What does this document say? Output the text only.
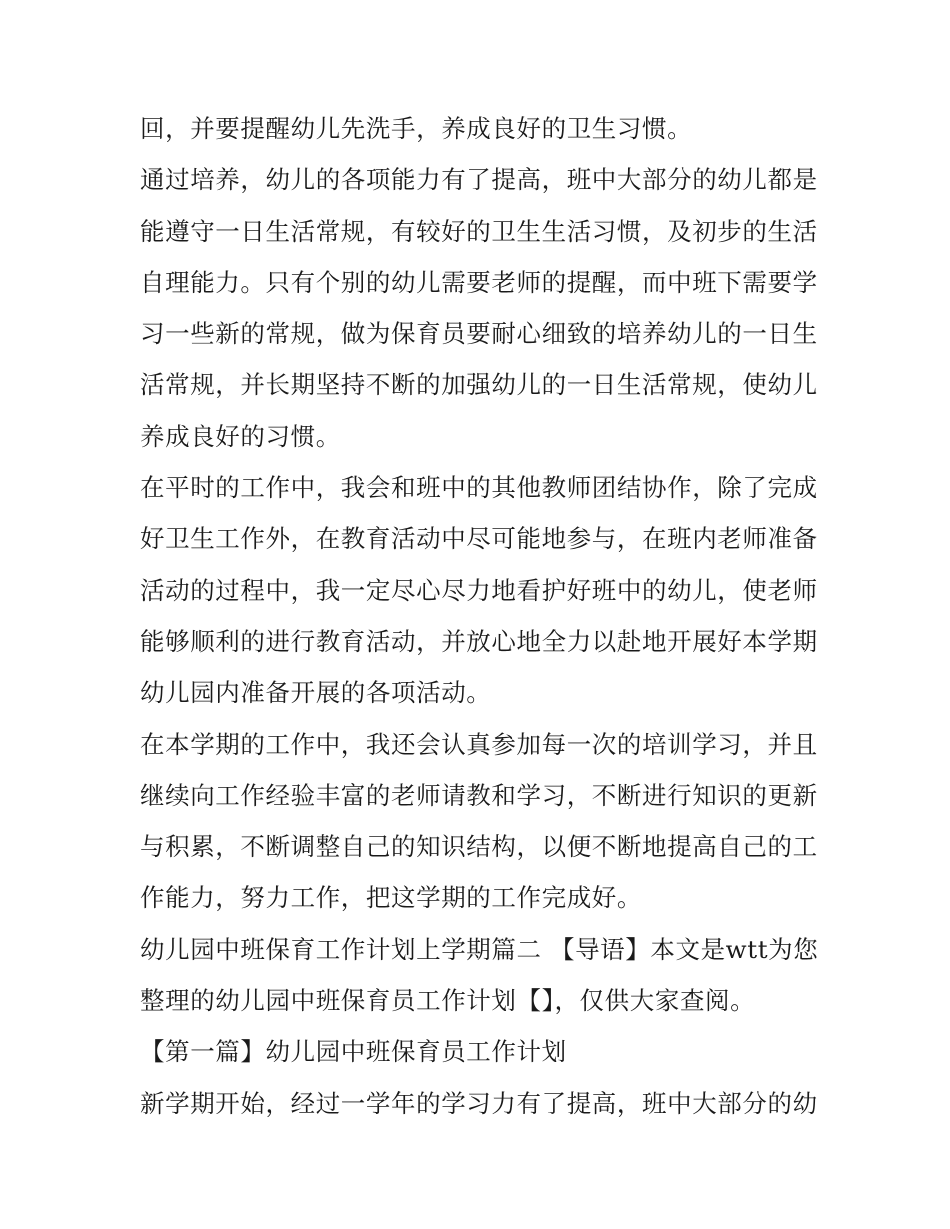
回，并要提醒幼儿先洗手，养成良好的卫生习惯。

通过培养，幼儿的各项能力有了提高，班中大部分的幼儿都是能遵守一日生活常规，有较好的卫生生活习惯，及初步的生活自理能力。只有个别的幼儿需要老师的提醒，而中班下需要学习一些新的常规，做为保育员要耐心细致的培养幼儿的一日生活常规，并长期坚持不断的加强幼儿的一日生活常规，使幼儿养成良好的习惯。

在平时的工作中，我会和班中的其他教师团结协作，除了完成好卫生工作外，在教育活动中尽可能地参与，在班内老师准备活动的过程中，我一定尽心尽力地看护好班中的幼儿，使老师能够顺利的进行教育活动，并放心地全力以赴地开展好本学期幼儿园内准备开展的各项活动。

在本学期的工作中，我还会认真参加每一次的培训学习，并且继续向工作经验丰富的老师请教和学习，不断进行知识的更新与积累，不断调整自己的知识结构，以便不断地提高自己的工作能力，努力工作，把这学期的工作完成好。

幼儿园中班保育工作计划上学期篇二 【导语】本文是wtt为您整理的幼儿园中班保育员工作计划【】，仅供大家查阅。

【第一篇】幼儿园中班保育员工作计划

新学期开始，经过一学年的学习力有了提高，班中大部分的幼
